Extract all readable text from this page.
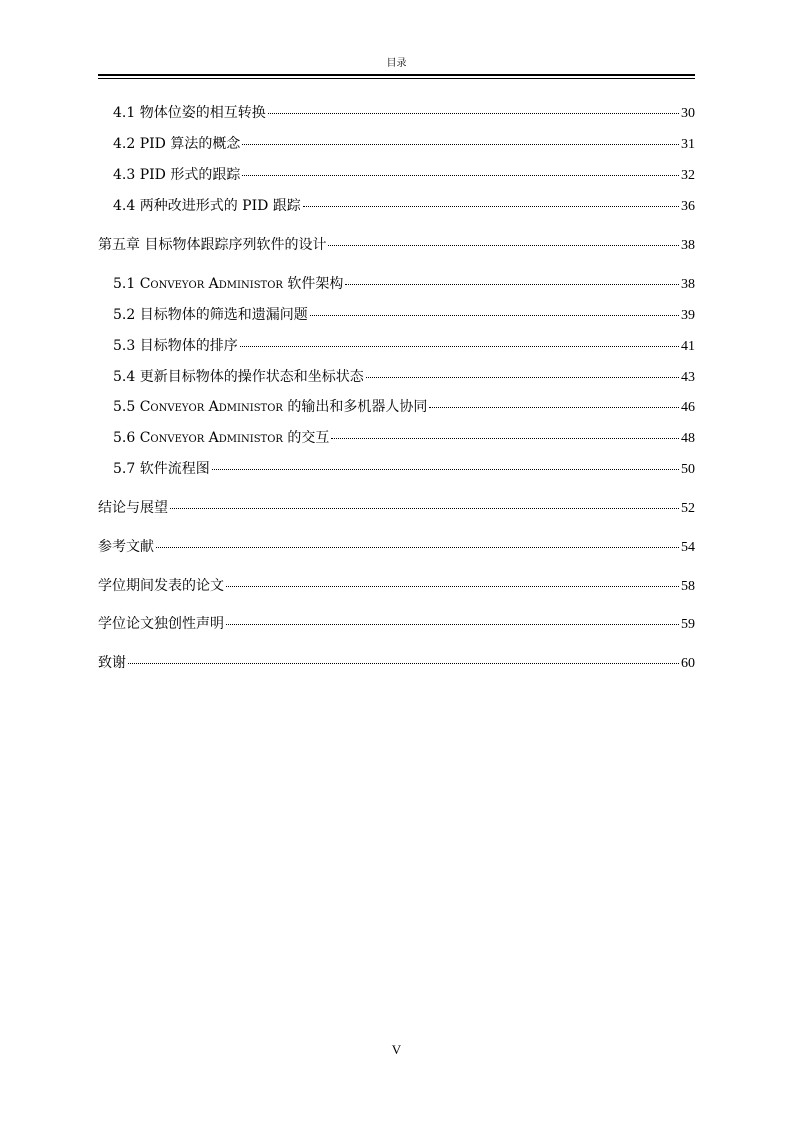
目录
4.1 物体位姿的相互转换	30
4.2 PID 算法的概念	31
4.3 PID 形式的跟踪	32
4.4 两种改进形式的 PID 跟踪	36
第五章 目标物体跟踪序列软件的设计	38
5.1 Conveyor Administor 软件架构	38
5.2 目标物体的筛选和遗漏问题	39
5.3 目标物体的排序	41
5.4 更新目标物体的操作状态和坐标状态	43
5.5 Conveyor Administor 的输出和多机器人协同	46
5.6 Conveyor Administor 的交互	48
5.7 软件流程图	50
结论与展望	52
参考文献	54
学位期间发表的论文	58
学位论文独创性声明	59
致谢	60
V
